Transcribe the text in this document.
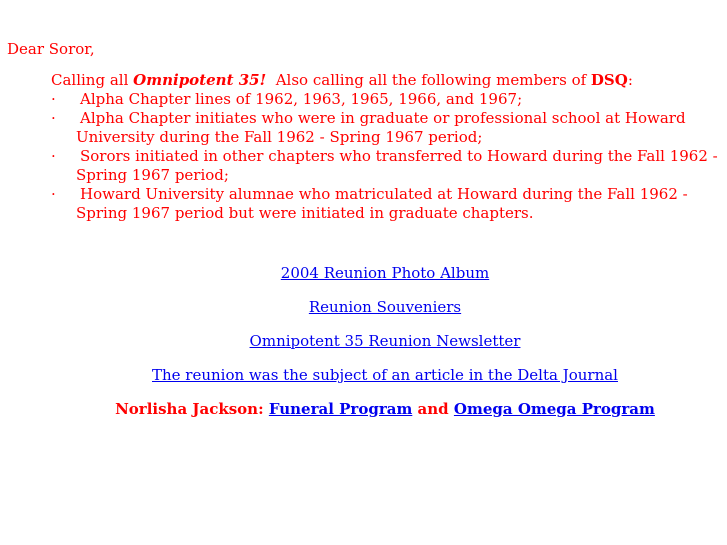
Dear Soror,

Calling all Omnipotent 35!  Also calling all the following members of DSQ:

·	Alpha Chapter lines of 1962, 1963, 1965, 1966, and 1967;
·	Alpha Chapter initiates who were in graduate or professional school at Howard
University during the Fall 1962 - Spring 1967 period;
·	Sorors initiated in other chapters who transferred to Howard during the Fall 1962 -
Spring 1967 period;
·	Howard University alumnae who matriculated at Howard during the Fall 1962 -
Spring 1967 period but were initiated in graduate chapters.

2004 Reunion Photo Album

Reunion Souveniers

Omnipotent 35 Reunion Newsletter

The reunion was the subject of an article in the Delta Journal

Norlisha Jackson: Funeral Program and Omega Omega Program
